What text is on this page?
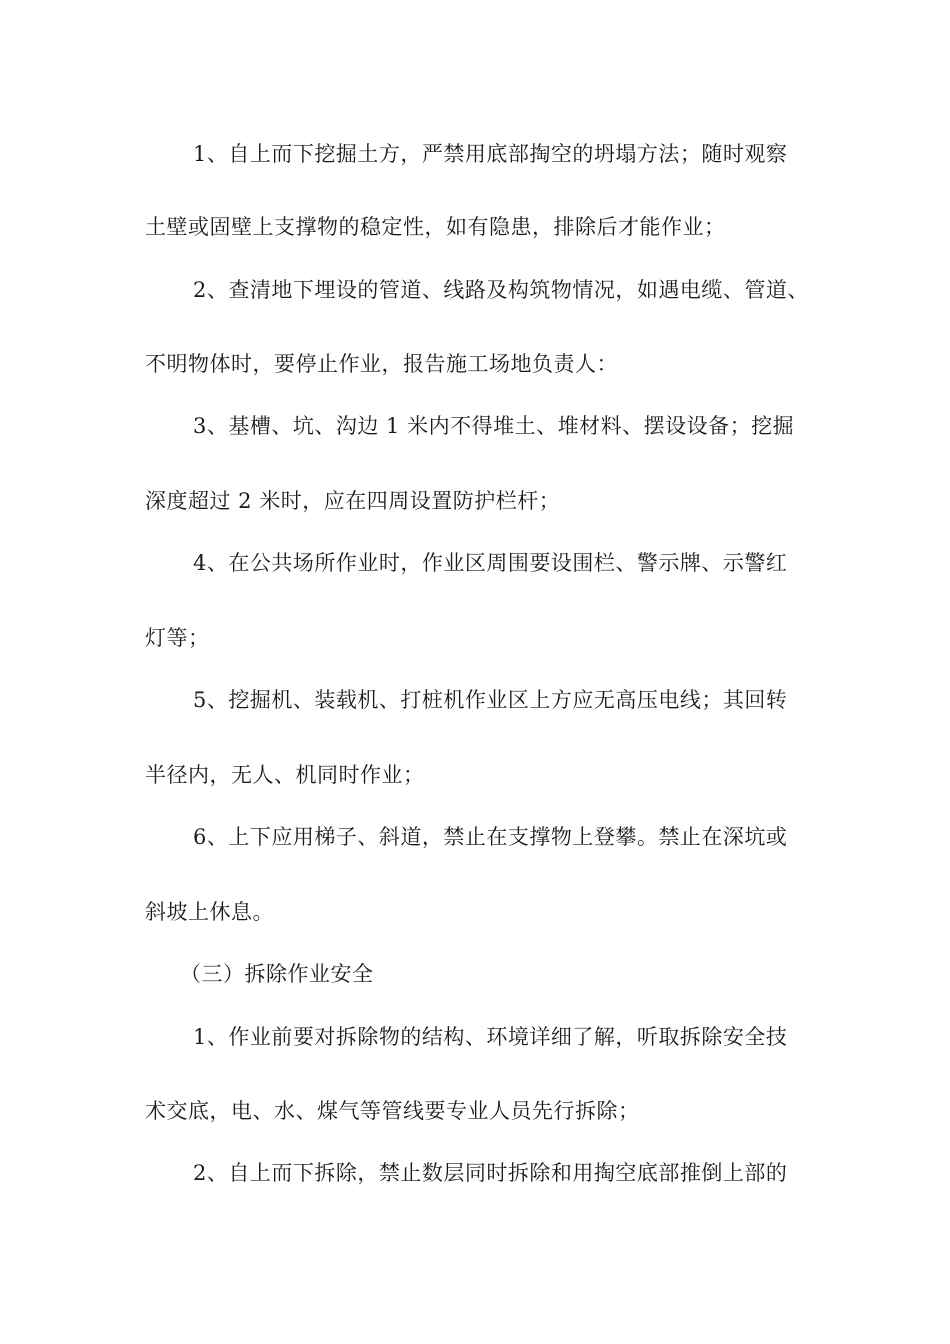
1、自上而下挖掘土方，严禁用底部掏空的坍塌方法；随时观察
土壁或固壁上支撑物的稳定性，如有隐患，排除后才能作业；
2、查清地下埋设的管道、线路及构筑物情况，如遇电缆、管道、
不明物体时，要停止作业，报告施工场地负责人：
3、基槽、坑、沟边 1 米内不得堆土、堆材料、摆设设备；挖掘
深度超过 2 米时，应在四周设置防护栏杆；
4、在公共场所作业时，作业区周围要设围栏、警示牌、示警红
灯等；
5、挖掘机、装载机、打桩机作业区上方应无高压电线；其回转
半径内，无人、机同时作业；
6、上下应用梯子、斜道，禁止在支撑物上登攀。禁止在深坑或
斜坡上休息。
（三）拆除作业安全
1、作业前要对拆除物的结构、环境详细了解，听取拆除安全技
术交底，电、水、煤气等管线要专业人员先行拆除；
2、自上而下拆除，禁止数层同时拆除和用掏空底部推倒上部的
